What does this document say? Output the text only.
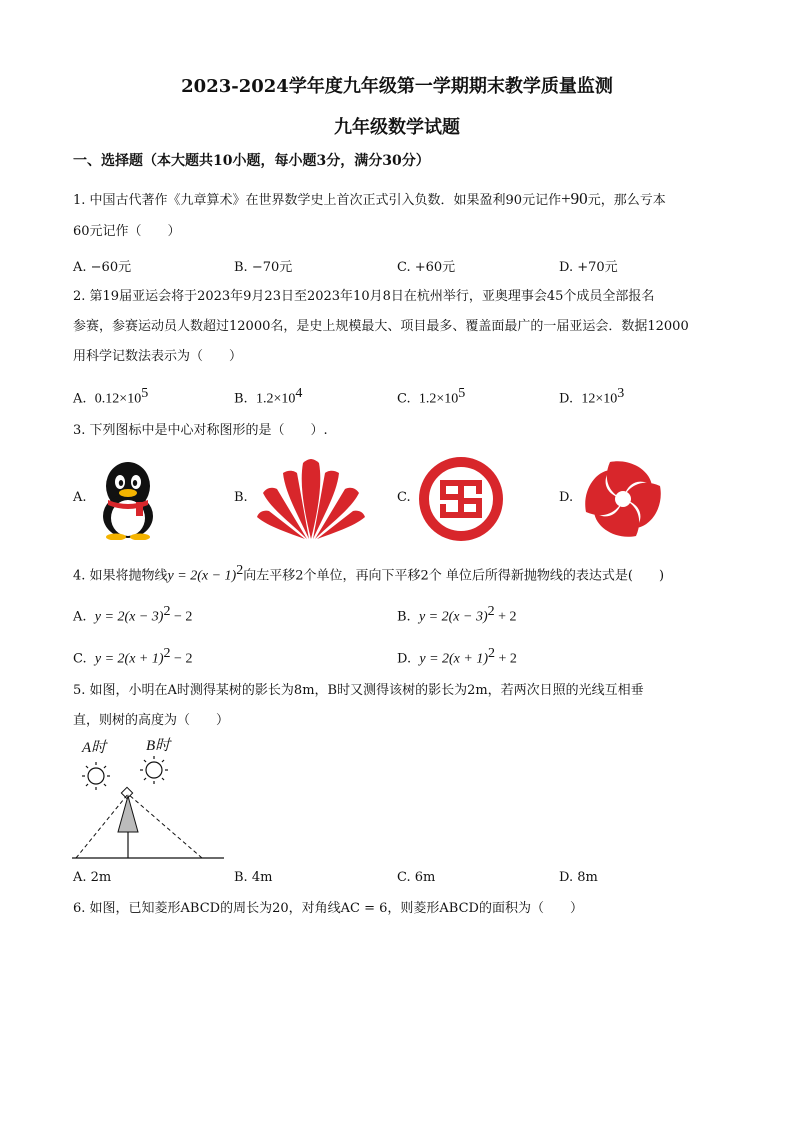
2023-2024学年度九年级第一学期期末教学质量监测
九年级数学试题
一、选择题（本大题共10小题，每小题3分，满分30分）
1. 中国古代著作《九章算术》在世界数学史上首次正式引入负数．如果盈利90元记作+90元，那么亏本
60元记作（　　）
A. −60元	B. −70元	C. +60元	D. +70元
2. 第19届亚运会将于2023年9月23日至2023年10月8日在杭州举行，亚奥理事会45个成员全部报名
参赛，参赛运动员人数超过12000名，是史上规模最大、项目最多、覆盖面最广的一届亚运会．数据12000
用科学记数法表示为（　　）
A. $0.12\times 10^5$	B. $1.2\times 10^4$	C. $1.2\times 10^5$	D. $12\times 10^3$
3. 下列图标中是中心对称图形的是（　　）.
A.	B.	C.	D.
4. 如果将抛物线$y = 2(x - 1)^2$向左平移2个单位，再向下平移2个 单位后所得新抛物线的表达式是(　　)
A. $y = 2(x - 3)^2 - 2$	B. $y = 2(x - 3)^2 + 2$
C. $y = 2(x + 1)^2 - 2$	D. $y = 2(x + 1)^2 + 2$
5. 如图，小明在A时测得某树的影长为8m，B时又测得该树的影长为2m，若两次日照的光线互相垂
直，则树的高度为（　　）
A时	B时
A. 2m	B. 4m	C. 6m	D. 8m
6. 如图，已知菱形ABCD的周长为20，对角线AC = 6，则菱形ABCD的面积为（　　）
